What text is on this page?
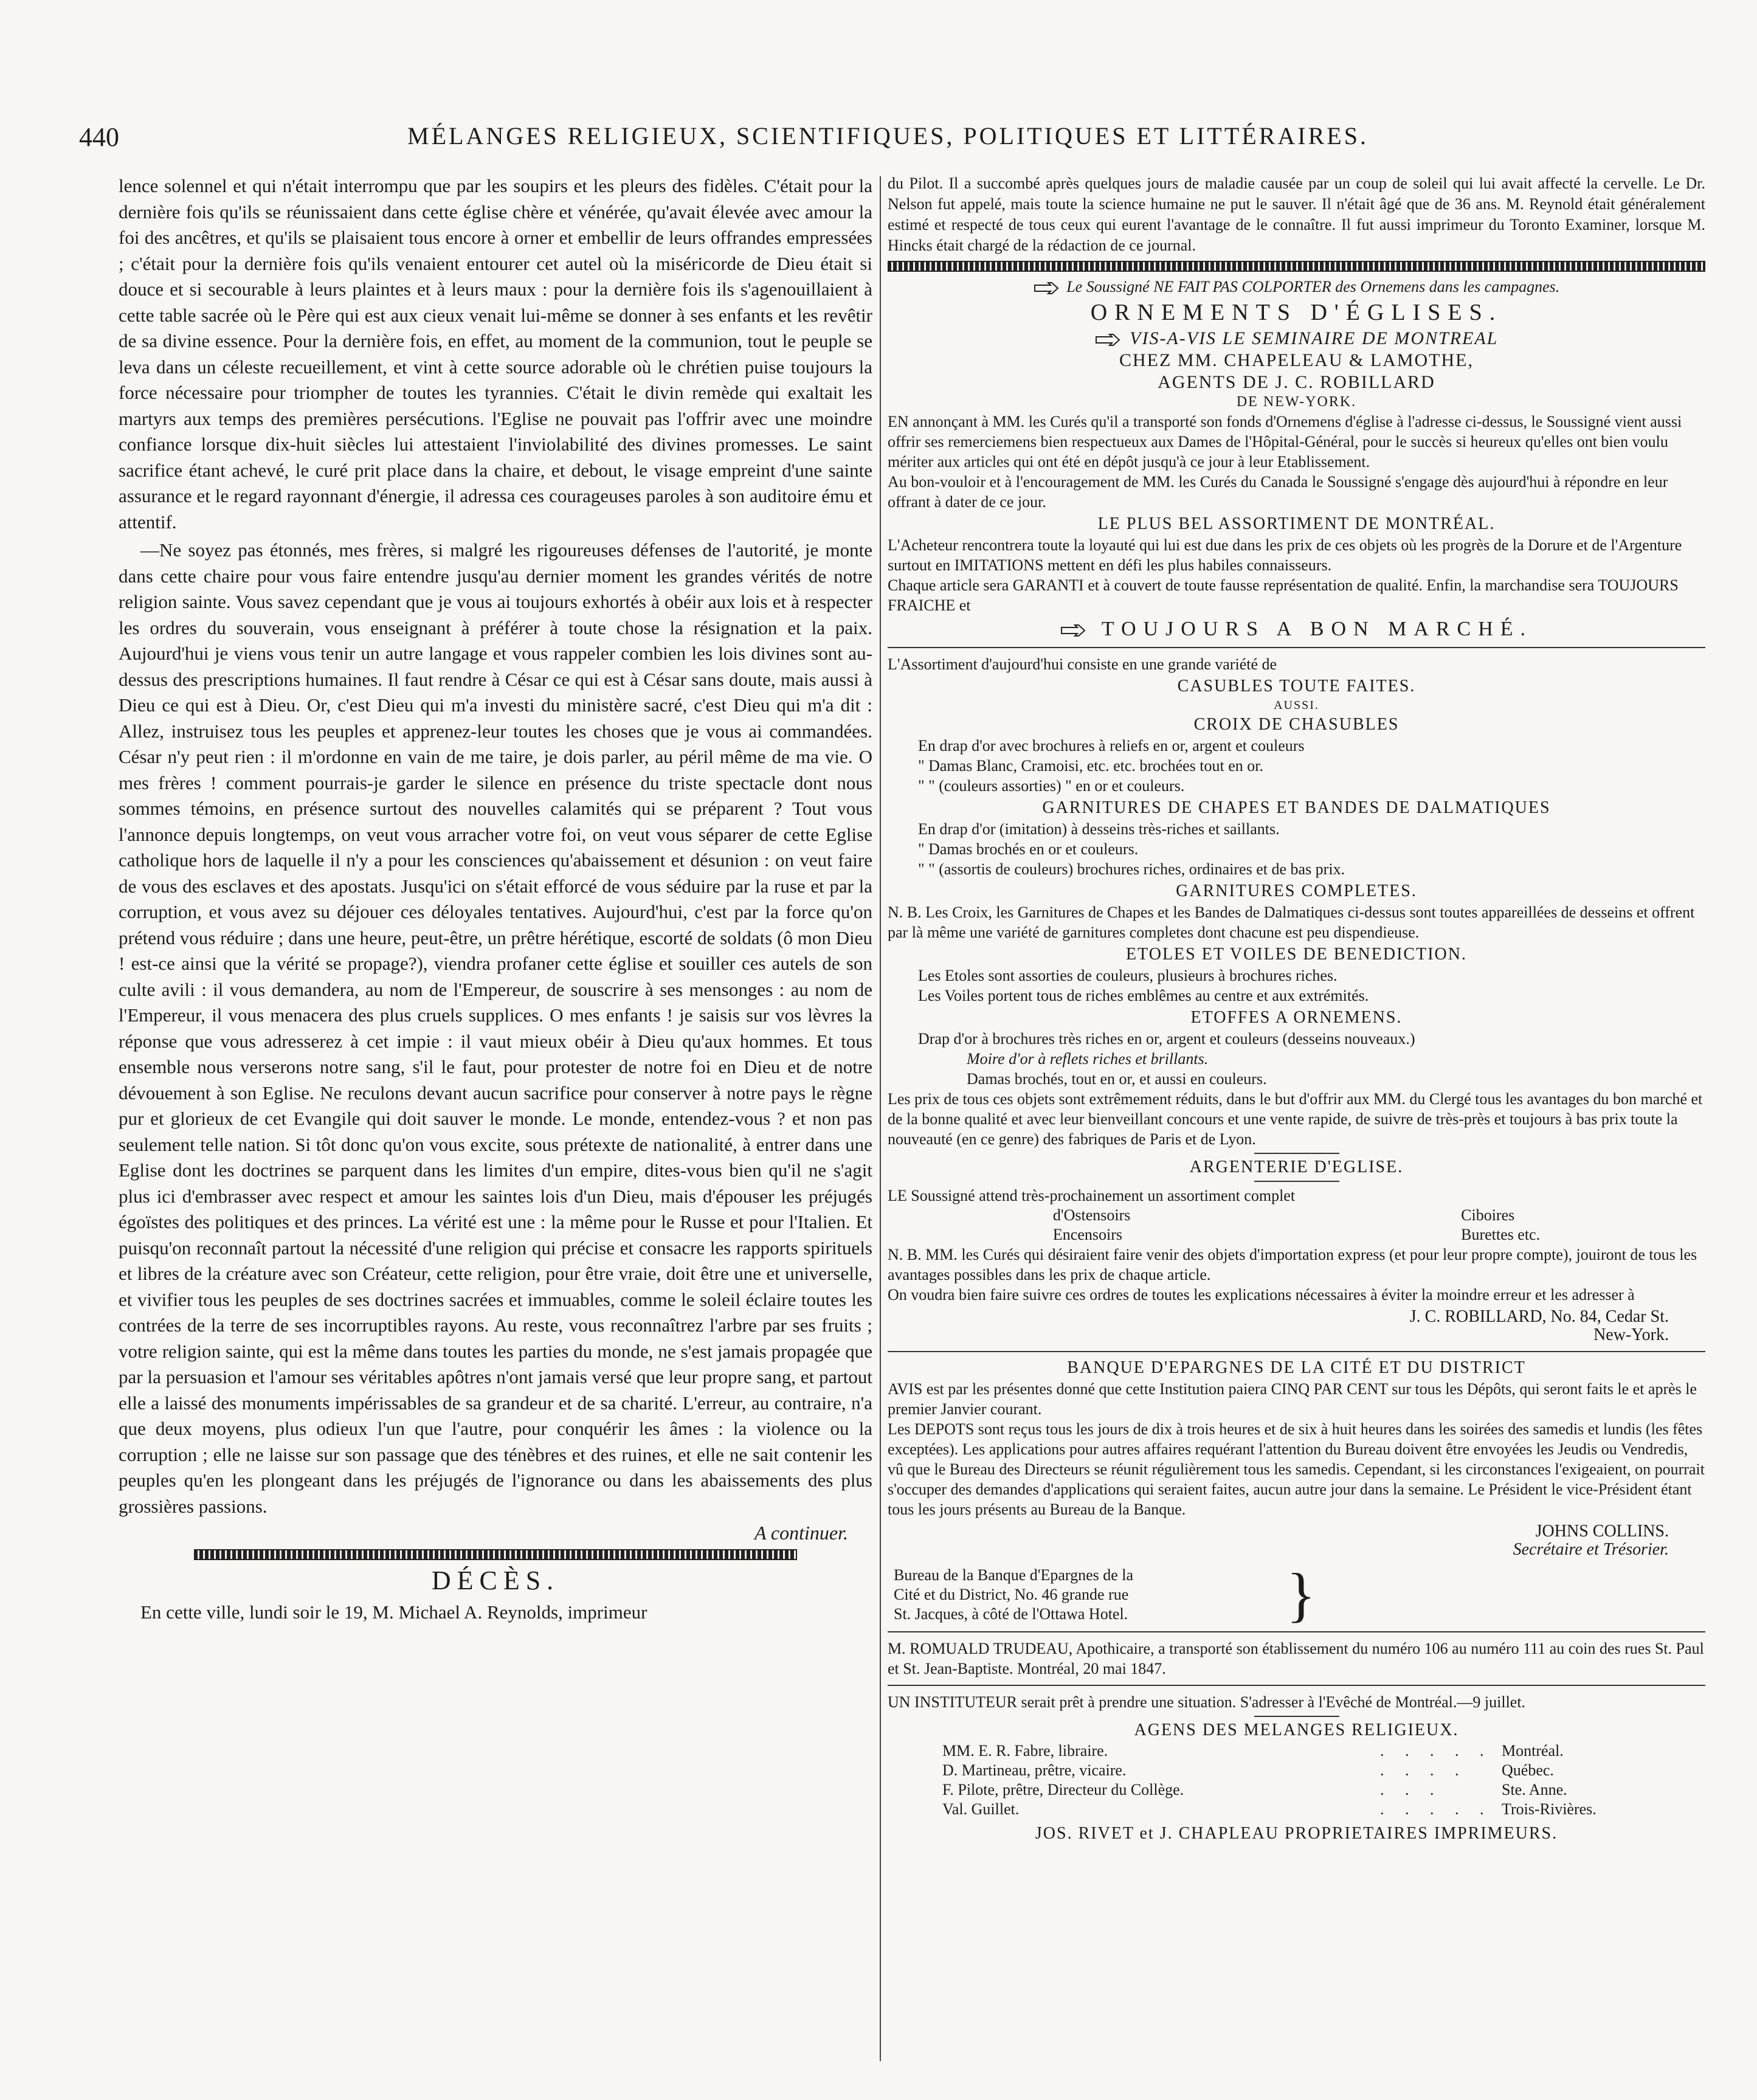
440	MÉLANGES RELIGIEUX, SCIENTIFIQUES, POLITIQUES ET LITTÉRAIRES.

lence solennel et qui n'était interrompu que par les soupirs et les pleurs des fidèles. C'était pour la dernière fois qu'ils se réunissaient dans cette église chère et vénérée, qu'avait élevée avec amour la foi des ancêtres, et qu'ils se plaisaient tous encore à orner et embellir de leurs offrandes empressées ; c'était pour la dernière fois qu'ils venaient entourer cet autel où la miséricorde de Dieu était si douce et si secourable à leurs plaintes et à leurs maux : pour la dernière fois ils s'agenouillaient à cette table sacrée où le Père qui est aux cieux venait lui-même se donner à ses enfants et les revêtir de sa divine essence. Pour la dernière fois, en effet, au moment de la communion, tout le peuple se leva dans un céleste recueillement, et vint à cette source adorable où le chrétien puise toujours la force nécessaire pour triompher de toutes les tyrannies. C'était le divin remède qui exaltait les martyrs aux temps des premières persécutions. l'Eglise ne pouvait pas l'offrir avec une moindre confiance lorsque dix-huit siècles lui attestaient l'inviolabilité des divines promesses. Le saint sacrifice étant achevé, le curé prit place dans la chaire, et debout, le visage empreint d'une sainte assurance et le regard rayonnant d'énergie, il adressa ces courageuses paroles à son auditoire ému et attentif.

—Ne soyez pas étonnés, mes frères, si malgré les rigoureuses défenses de l'autorité, je monte dans cette chaire pour vous faire entendre jusqu'au dernier moment les grandes vérités de notre religion sainte. Vous savez cependant que je vous ai toujours exhortés à obéir aux lois et à respecter les ordres du souverain, vous enseignant à préférer à toute chose la résignation et la paix. Aujourd'hui je viens vous tenir un autre langage et vous rappeler combien les lois divines sont au-dessus des prescriptions humaines. Il faut rendre à César ce qui est à César sans doute, mais aussi à Dieu ce qui est à Dieu. Or, c'est Dieu qui m'a investi du ministère sacré, c'est Dieu qui m'a dit : Allez, instruisez tous les peuples et apprenez-leur toutes les choses que je vous ai commandées. César n'y peut rien : il m'ordonne en vain de me taire, je dois parler, au péril même de ma vie. O mes frères ! comment pourrais-je garder le silence en présence du triste spectacle dont nous sommes témoins, en présence surtout des nouvelles calamités qui se préparent ? Tout vous l'annonce depuis longtemps, on veut vous arracher votre foi, on veut vous séparer de cette Eglise catholique hors de laquelle il n'y a pour les consciences qu'abaissement et désunion : on veut faire de vous des esclaves et des apostats. Jusqu'ici on s'était efforcé de vous séduire par la ruse et par la corruption, et vous avez su déjouer ces déloyales tentatives. Aujourd'hui, c'est par la force qu'on prétend vous réduire ; dans une heure, peut-être, un prêtre hérétique, escorté de soldats (ô mon Dieu ! est-ce ainsi que la vérité se propage?), viendra profaner cette église et souiller ces autels de son culte avili : il vous demandera, au nom de l'Empereur, de souscrire à ses mensonges : au nom de l'Empereur, il vous menacera des plus cruels supplices. O mes enfants ! je saisis sur vos lèvres la réponse que vous adresserez à cet impie : il vaut mieux obéir à Dieu qu'aux hommes. Et tous ensemble nous verserons notre sang, s'il le faut, pour protester de notre foi en Dieu et de notre dévouement à son Eglise. Ne reculons devant aucun sacrifice pour conserver à notre pays le règne pur et glorieux de cet Evangile qui doit sauver le monde. Le monde, entendez-vous ? et non pas seulement telle nation. Si tôt donc qu'on vous excite, sous prétexte de nationalité, à entrer dans une Eglise dont les doctrines se parquent dans les limites d'un empire, dites-vous bien qu'il ne s'agit plus ici d'embrasser avec respect et amour les saintes lois d'un Dieu, mais d'épouser les préjugés égoïstes des politiques et des princes. La vérité est une : la même pour le Russe et pour l'Italien. Et puisqu'on reconnaît partout la nécessité d'une religion qui précise et consacre les rapports spirituels et libres de la créature avec son Créateur, cette religion, pour être vraie, doit être une et universelle, et vivifier tous les peuples de ses doctrines sacrées et immuables, comme le soleil éclaire toutes les contrées de la terre de ses incorruptibles rayons. Au reste, vous reconnaîtrez l'arbre par ses fruits ; votre religion sainte, qui est la même dans toutes les parties du monde, ne s'est jamais propagée que par la persuasion et l'amour ses véritables apôtres n'ont jamais versé que leur propre sang, et partout elle a laissé des monuments impérissables de sa grandeur et de sa charité. L'erreur, au contraire, n'a que deux moyens, plus odieux l'un que l'autre, pour conquérir les âmes : la violence ou la corruption ; elle ne laisse sur son passage que des ténèbres et des ruines, et elle ne sait contenir les peuples qu'en les plongeant dans les préjugés de l'ignorance ou dans les abaissements des plus grossières passions.

A continuer.
DÉCÈS.

En cette ville, lundi soir le 19, M. Michael A. Reynolds, imprimeur

du Pilot. Il a succombé après quelques jours de maladie causée par un coup de soleil qui lui avait affecté la cervelle. Le Dr. Nelson fut appelé, mais toute la science humaine ne put le sauver. Il n'était âgé que de 36 ans. M. Reynold était généralement estimé et respecté de tous ceux qui eurent l'avantage de le connaître. Il fut aussi imprimeur du Toronto Examiner, lorsque M. Hincks était chargé de la rédaction de ce journal.

Le Soussigné NE FAIT PAS COLPORTER des Ornemens dans les campagnes.

ORNEMENTS D'ÉGLISES.
VIS-A-VIS LE SEMINAIRE DE MONTREAL
CHEZ MM. CHAPELEAU & LAMOTHE,
AGENTS DE J. C. ROBILLARD
DE NEW-YORK.

EN annonçant à MM. les Curés qu'il a transporté son fonds d'Ornemens d'église à l'adresse ci-dessus, le Soussigné vient aussi offrir ses remerciemens bien respectueux aux Dames de l'Hôpital-Général, pour le succès si heureux qu'elles ont bien voulu mériter aux articles qui ont été en dépôt jusqu'à ce jour à leur Etablissement.

Au bon-vouloir et à l'encouragement de MM. les Curés du Canada le Soussigné s'engage dès aujourd'hui à répondre en leur offrant à dater de ce jour.

LE PLUS BEL ASSORTIMENT DE MONTRÉAL.

L'Acheteur rencontrera toute la loyauté qui lui est due dans les prix de ces objets où les progrès de la Dorure et de l'Argenture surtout en IMITATIONS mettent en défi les plus habiles connaisseurs.

Chaque article sera GARANTI et à couvert de toute fausse représentation de qualité. Enfin, la marchandise sera TOUJOURS FRAICHE et

TOUJOURS A BON MARCHÉ.

L'Assortiment d'aujourd'hui consiste en une grande variété de

CASUBLES TOUTE FAITES.
AUSSI.
CROIX DE CHASUBLES

En drap d'or avec brochures à reliefs en or, argent et couleurs

" Damas Blanc, Cramoisi, etc. etc. brochées tout en or.

" " (couleurs assorties) " en or et couleurs.

GARNITURES DE CHAPES ET BANDES DE DALMATIQUES

En drap d'or (imitation) à desseins très-riches et saillants.

" Damas brochés en or et couleurs.

" " (assortis de couleurs) brochures riches, ordinaires et de bas prix.

GARNITURES COMPLETES.

N. B. Les Croix, les Garnitures de Chapes et les Bandes de Dalmatiques ci-dessus sont toutes appareillées de desseins et offrent par là même une variété de garnitures completes dont chacune est peu dispendieuse.

ETOLES ET VOILES DE BENEDICTION.

Les Etoles sont assorties de couleurs, plusieurs à brochures riches.

Les Voiles portent tous de riches emblêmes au centre et aux extrémités.

ETOFFES A ORNEMENS.

Drap d'or à brochures très riches en or, argent et couleurs (desseins nouveaux.)

Moire d'or à reflets riches et brillants.

Damas brochés, tout en or, et aussi en couleurs.

Les prix de tous ces objets sont extrêmement réduits, dans le but d'offrir aux MM. du Clergé tous les avantages du bon marché et de la bonne qualité et avec leur bienveillant concours et une vente rapide, de suivre de très-près et toujours à bas prix toute la nouveauté (en ce genre) des fabriques de Paris et de Lyon.

ARGENTERIE D'EGLISE.

LE Soussigné attend très-prochainement un assortiment complet

d'Ostensoirs
Encensoirs
Ciboires
Burettes etc.

N. B. MM. les Curés qui désiraient faire venir des objets d'importation express (et pour leur propre compte), jouiront de tous les avantages possibles dans les prix de chaque article.

On voudra bien faire suivre ces ordres de toutes les explications nécessaires à éviter la moindre erreur et les adresser à

J. C. ROBILLARD, No. 84, Cedar St.
New-York.
BANQUE D'EPARGNES DE LA CITÉ ET DU DISTRICT

AVIS est par les présentes donné que cette Institution paiera CINQ PAR CENT sur tous les Dépôts, qui seront faits le et après le premier Janvier courant.

Les DEPOTS sont reçus tous les jours de dix à trois heures et de six à huit heures dans les soirées des samedis et lundis (les fêtes exceptées). Les applications pour autres affaires requérant l'attention du Bureau doivent être envoyées les Jeudis ou Vendredis, vû que le Bureau des Directeurs se réunit régulièrement tous les samedis. Cependant, si les circonstances l'exigeaient, on pourrait s'occuper des demandes d'applications qui seraient faites, aucun autre jour dans la semaine. Le Président le vice-Président étant tous les jours présents au Bureau de la Banque.

JOHNS COLLINS.
Secrétaire et Trésorier.
Bureau de la Banque d'Epargnes de la
Cité et du District, No. 46 grande rue
St. Jacques, à côté de l'Ottawa Hotel.	}

M. ROMUALD TRUDEAU, Apothicaire, a transporté son établissement du numéro 106 au numéro 111 au coin des rues St. Paul et St. Jean-Baptiste. Montréal, 20 mai 1847.

UN INSTITUTEUR serait prêt à prendre une situation. S'adresser à l'Evêché de Montréal.—9 juillet.

AGENS DES MELANGES RELIGIEUX.
MM. E. R. Fabre, libraire.	. . . . . Montréal.
D. Martineau, prêtre, vicaire.	. . . .	Québec.
F. Pilote, prêtre, Directeur du Collège.	. . .	Ste. Anne.
Val. Guillet.	. . . . . Trois-Rivières.
JOS. RIVET et J. CHAPLEAU PROPRIETAIRES IMPRIMEURS.
